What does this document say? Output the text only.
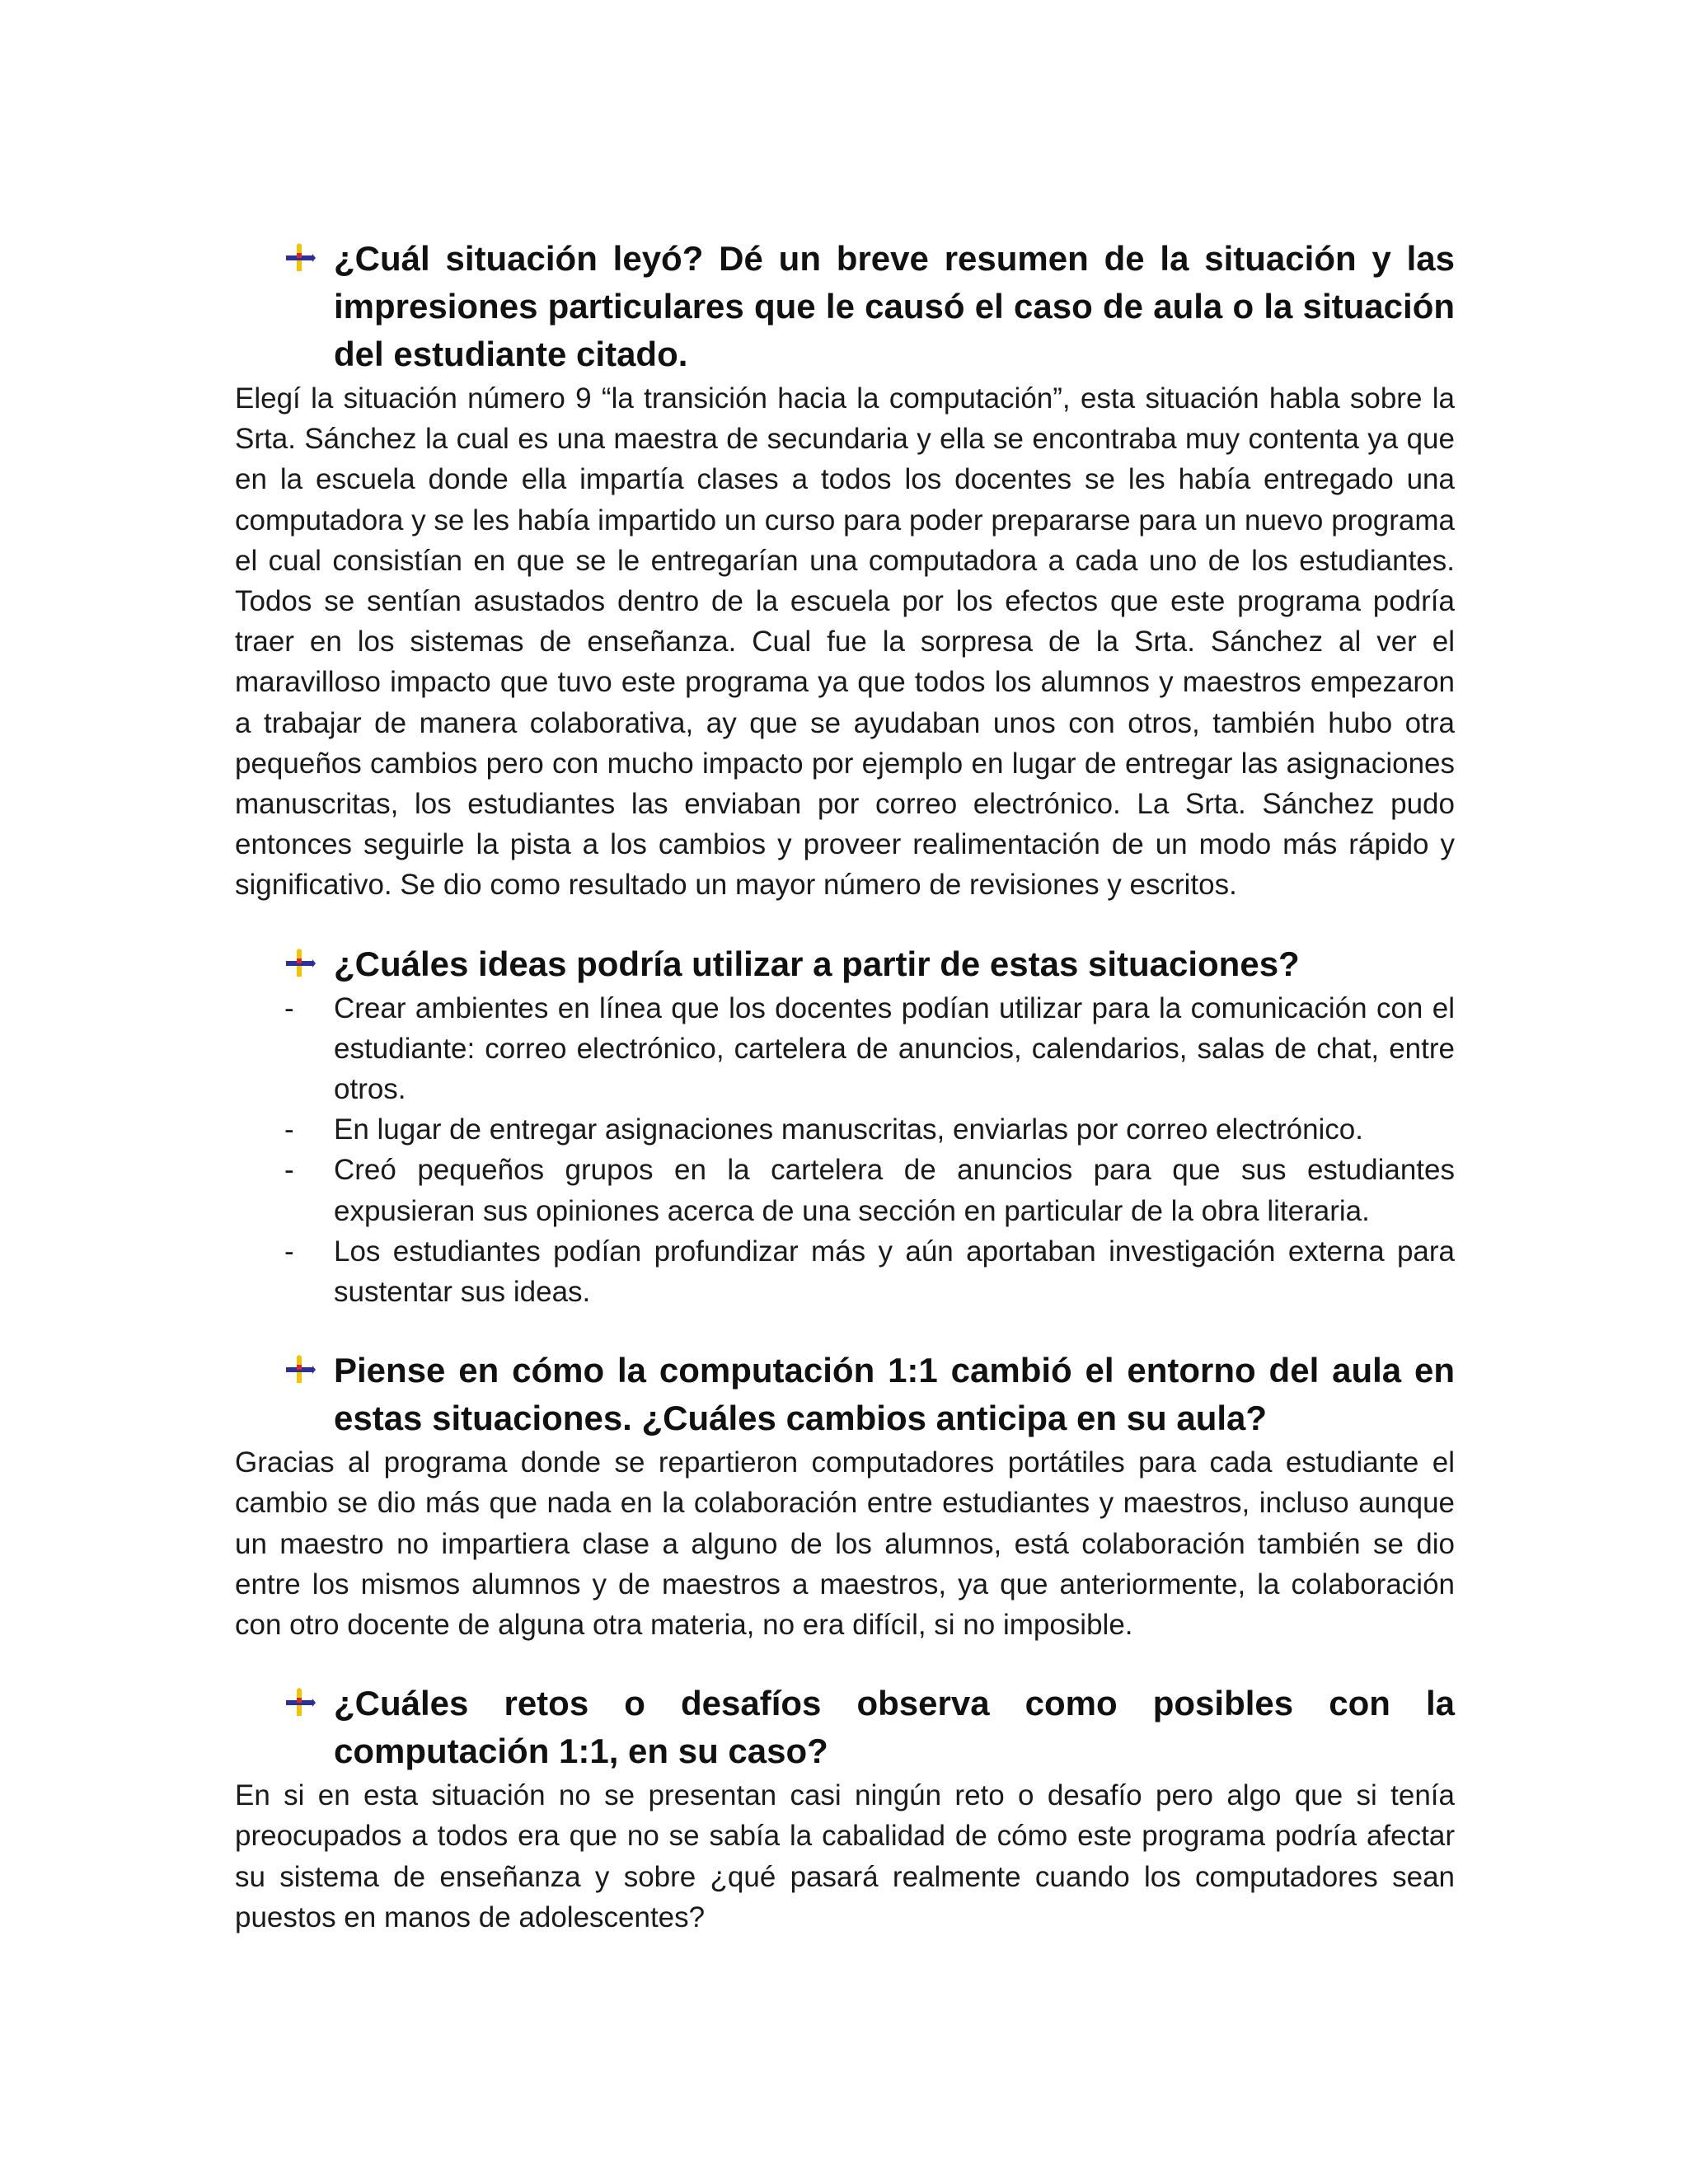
¿Cuál situación leyó? Dé un breve resumen de la situación y las impresiones particulares que le causó el caso de aula o la situación del estudiante citado.

Elegí la situación número 9 “la transición hacia la computación”, esta situación habla sobre la Srta. Sánchez la cual es una maestra de secundaria y ella se encontraba muy contenta ya que en la escuela donde ella impartía clases a todos los docentes se les había entregado una computadora y se les había impartido un curso para poder prepararse para un nuevo programa el cual consistían en que se le entregarían una computadora a cada uno de los estudiantes. Todos se sentían asustados dentro de la escuela por los efectos que este programa podría traer en los sistemas de enseñanza. Cual fue la sorpresa de la Srta. Sánchez al ver el maravilloso impacto que tuvo este programa ya que todos los alumnos y maestros empezaron a trabajar de manera colaborativa, ay que se ayudaban unos con otros, también hubo otra pequeños cambios pero con mucho impacto por ejemplo en lugar de entregar las asignaciones manuscritas, los estudiantes las enviaban por correo electrónico. La Srta. Sánchez pudo entonces seguirle la pista a los cambios y proveer realimentación de un modo más rápido y significativo. Se dio como resultado un mayor número de revisiones y escritos.

¿Cuáles ideas podría utilizar a partir de estas situaciones?
- Crear ambientes en línea que los docentes podían utilizar para la comunicación con el estudiante: correo electrónico, cartelera de anuncios, calendarios, salas de chat, entre otros.
- En lugar de entregar asignaciones manuscritas, enviarlas por correo electrónico.
- Creó pequeños grupos en la cartelera de anuncios para que sus estudiantes expusieran sus opiniones acerca de una sección en particular de la obra literaria.
- Los estudiantes podían profundizar más y aún aportaban investigación externa para sustentar sus ideas.
Piense en cómo la computación 1:1 cambió el entorno del aula en estas situaciones. ¿Cuáles cambios anticipa en su aula?

Gracias al programa donde se repartieron computadores portátiles para cada estudiante el cambio se dio más que nada en la colaboración entre estudiantes y maestros, incluso aunque un maestro no impartiera clase a alguno de los alumnos, está colaboración también se dio entre los mismos alumnos y de maestros a maestros, ya que anteriormente, la colaboración con otro docente de alguna otra materia, no era difícil, si no imposible.

¿Cuáles retos o desafíos observa como posibles con la computación 1:1, en su caso?

En si en esta situación no se presentan casi ningún reto o desafío pero algo que si tenía preocupados a todos era que no se sabía la cabalidad de cómo este programa podría afectar su sistema de enseñanza y sobre ¿qué pasará realmente cuando los computadores sean puestos en manos de adolescentes?
